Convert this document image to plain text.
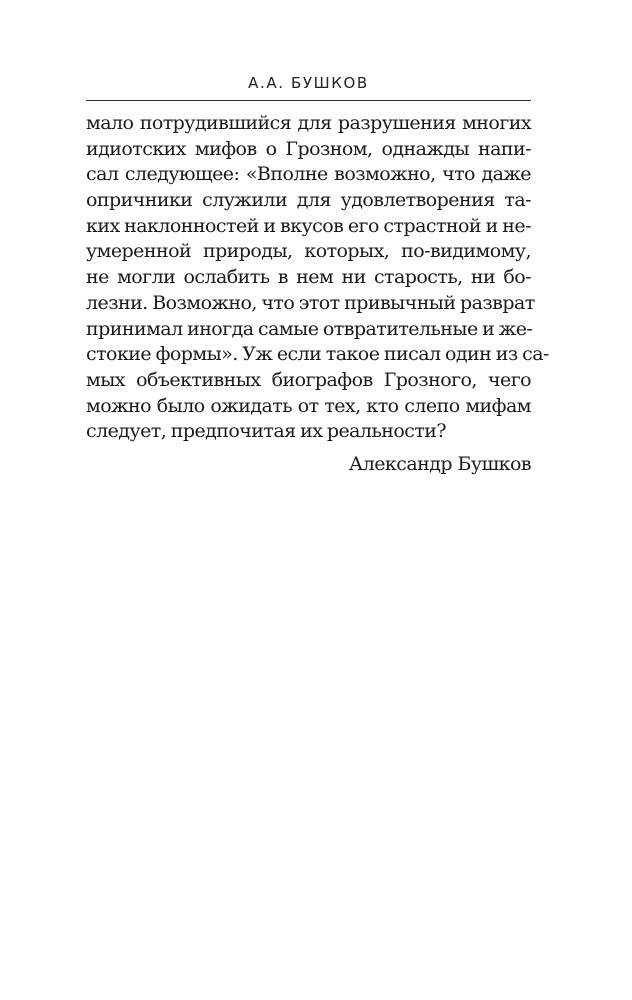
А.А. БУШКОВ
мало потрудившийся для разрушения многих
идиотских мифов о Грозном, однажды напи-
сал следующее: «Вполне возможно, что даже
опричники служили для удовлетворения та-
ких наклонностей и вкусов его страстной и не-
умеренной природы, которых, по-видимому,
не могли ослабить в нем ни старость, ни бо-
лезни. Возможно, что этот привычный разврат
принимал иногда самые отвратительные и же-
стокие формы». Уж если такое писал один из са-
мых объективных биографов Грозного, чего
можно было ожидать от тех, кто слепо мифам
следует, предпочитая их реальности?
Александр Бушков
